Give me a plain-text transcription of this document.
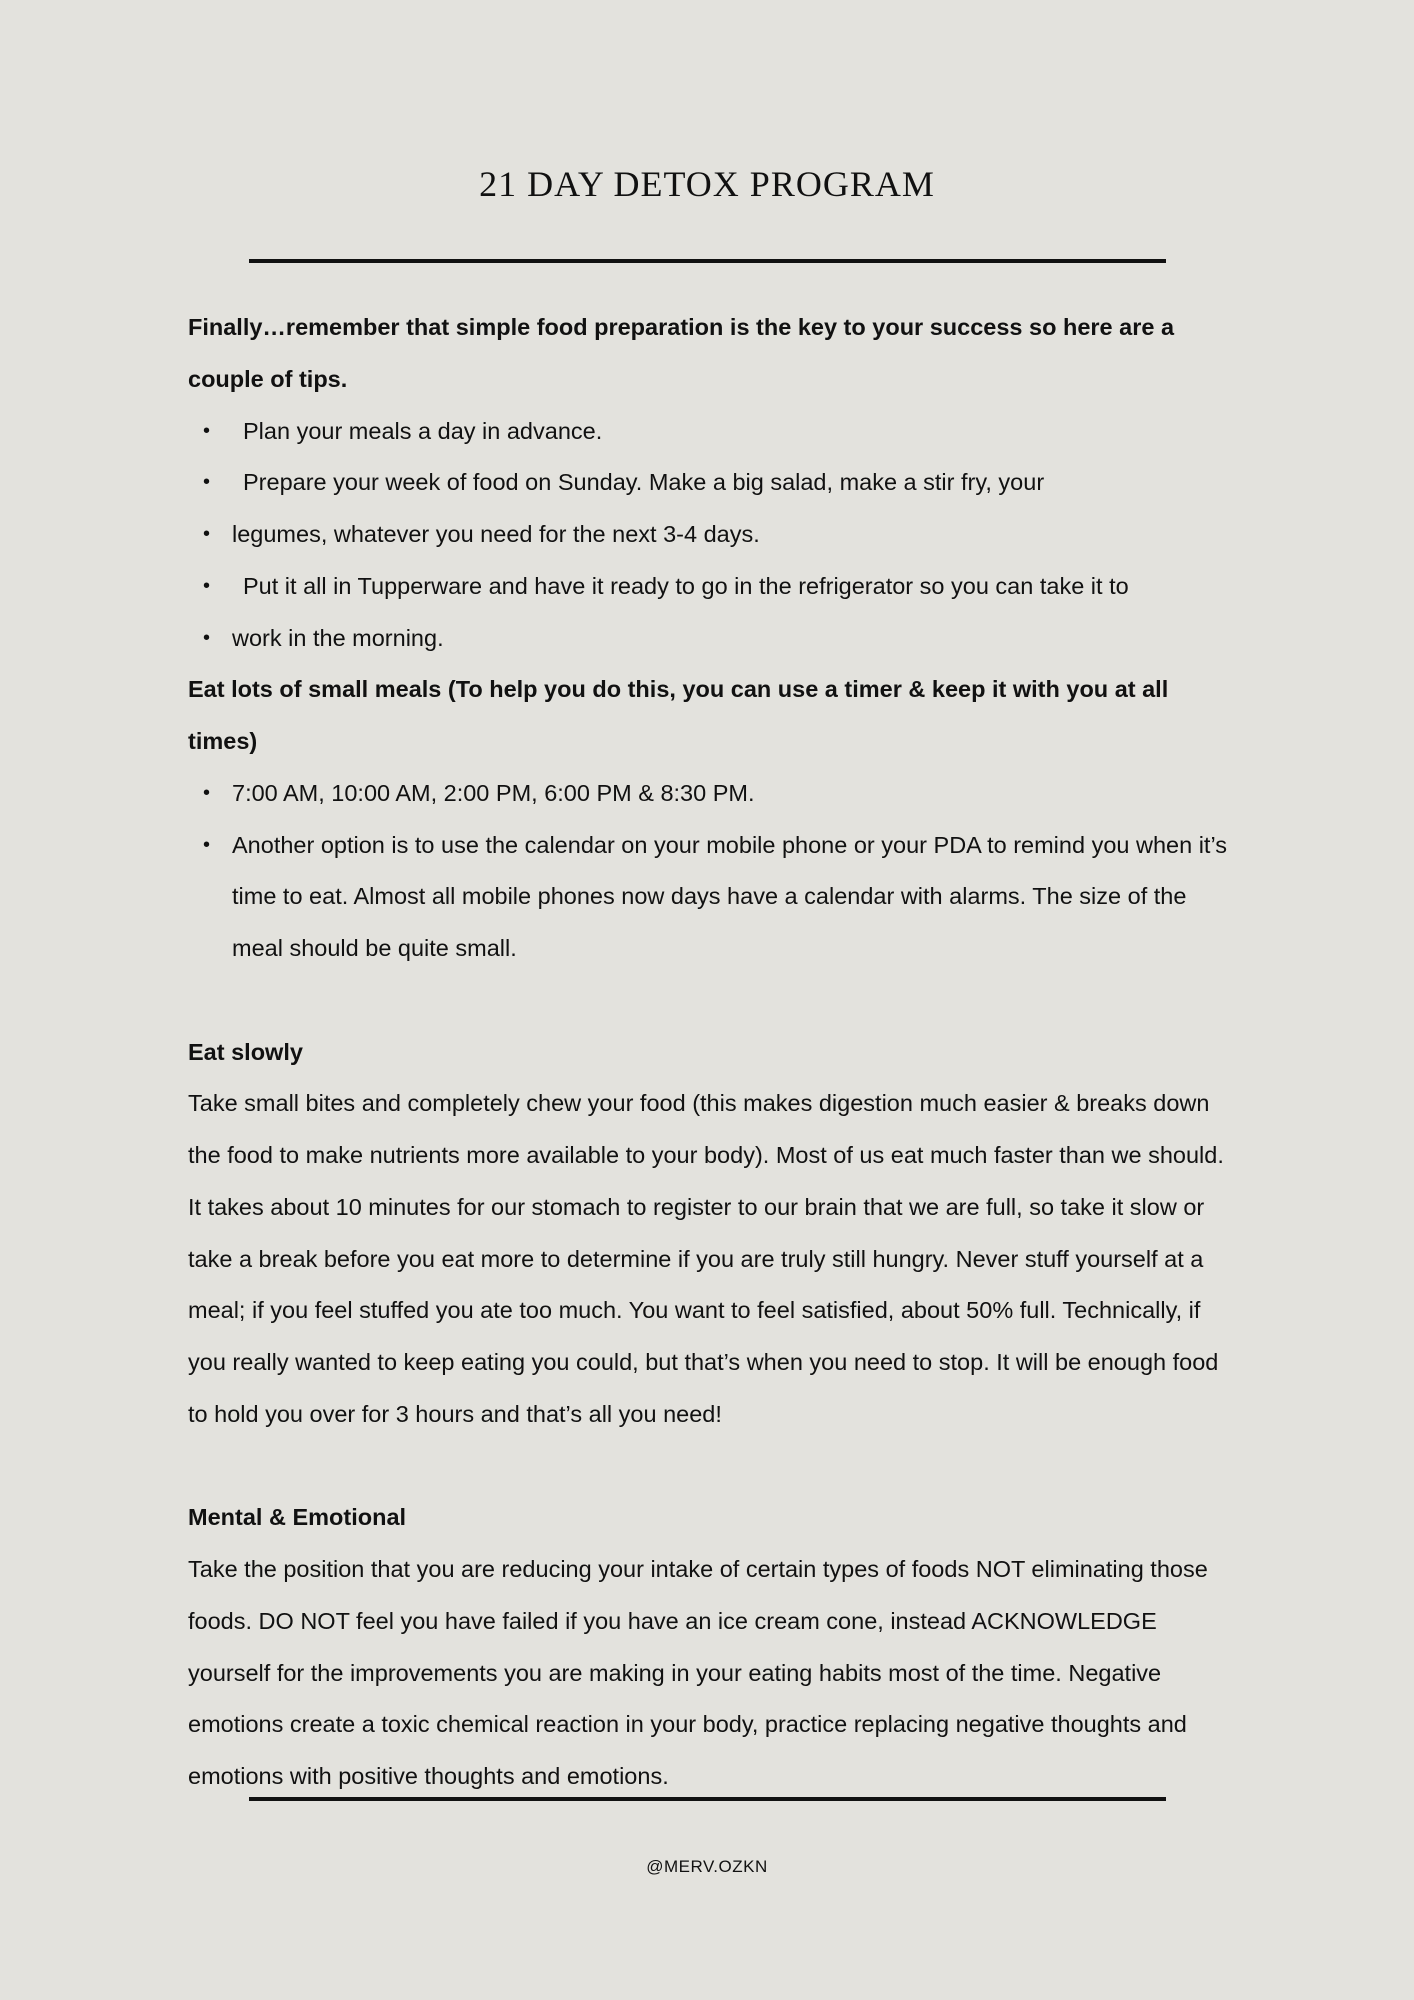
21 DAY DETOX PROGRAM

Finally…remember that simple food preparation is the key to your success so here are a couple of tips.

• Plan your meals a day in advance.
• Prepare your week of food on Sunday. Make a big salad, make a stir fry, your
• legumes, whatever you need for the next 3-4 days.
• Put it all in Tupperware and have it ready to go in the refrigerator so you can take it to
• work in the morning.

Eat lots of small meals (To help you do this, you can use a timer & keep it with you at all times)

• 7:00 AM, 10:00 AM, 2:00 PM, 6:00 PM & 8:30 PM.
• Another option is to use the calendar on your mobile phone or your PDA to remind you when it’s time to eat. Almost all mobile phones now days have a calendar with alarms. The size of the meal should be quite small.

Eat slowly

Take small bites and completely chew your food (this makes digestion much easier & breaks down the food to make nutrients more available to your body). Most of us eat much faster than we should. It takes about 10 minutes for our stomach to register to our brain that we are full, so take it slow or take a break before you eat more to determine if you are truly still hungry. Never stuff yourself at a meal; if you feel stuffed you ate too much. You want to feel satisfied, about 50% full. Technically, if you really wanted to keep eating you could, but that’s when you need to stop. It will be enough food to hold you over for 3 hours and that’s all you need!

Mental & Emotional

Take the position that you are reducing your intake of certain types of foods NOT eliminating those foods. DO NOT feel you have failed if you have an ice cream cone, instead ACKNOWLEDGE yourself for the improvements you are making in your eating habits most of the time. Negative emotions create a toxic chemical reaction in your body, practice replacing negative thoughts and emotions with positive thoughts and emotions.

@MERV.OZKN
